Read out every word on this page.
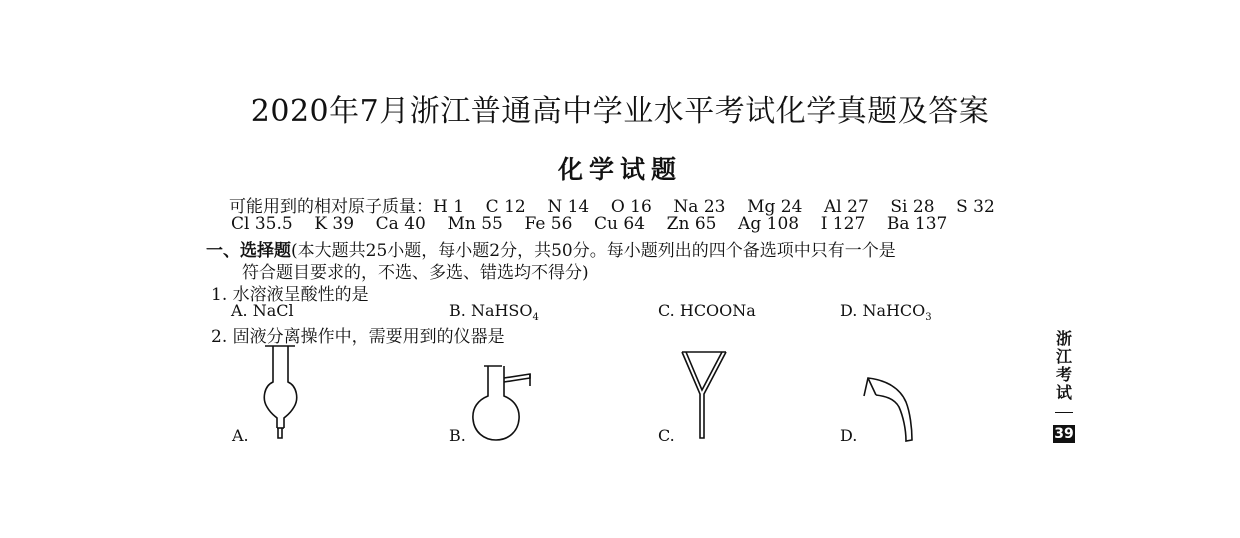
2020年7月浙江普通高中学业水平考试化学真题及答案
化学试题
可能用到的相对原子质量：H 1    C 12    N 14    O 16    Na 23    Mg 24    Al 27    Si 28    S 32
Cl 35.5    K 39    Ca 40    Mn 55    Fe 56    Cu 64    Zn 65    Ag 108    I 127    Ba 137
一、选择题(本大题共25小题，每小题2分，共50分。每小题列出的四个备选项中只有一个是
符合题目要求的，不选、多选、错选均不得分)
1. 水溶液呈酸性的是
A. NaCl	B. NaHSO$_4$	C. HCOONa	D. NaHCO$_3$
2. 固液分离操作中，需要用到的仪器是
A.	B.	C.	D.
浙江考试
39
